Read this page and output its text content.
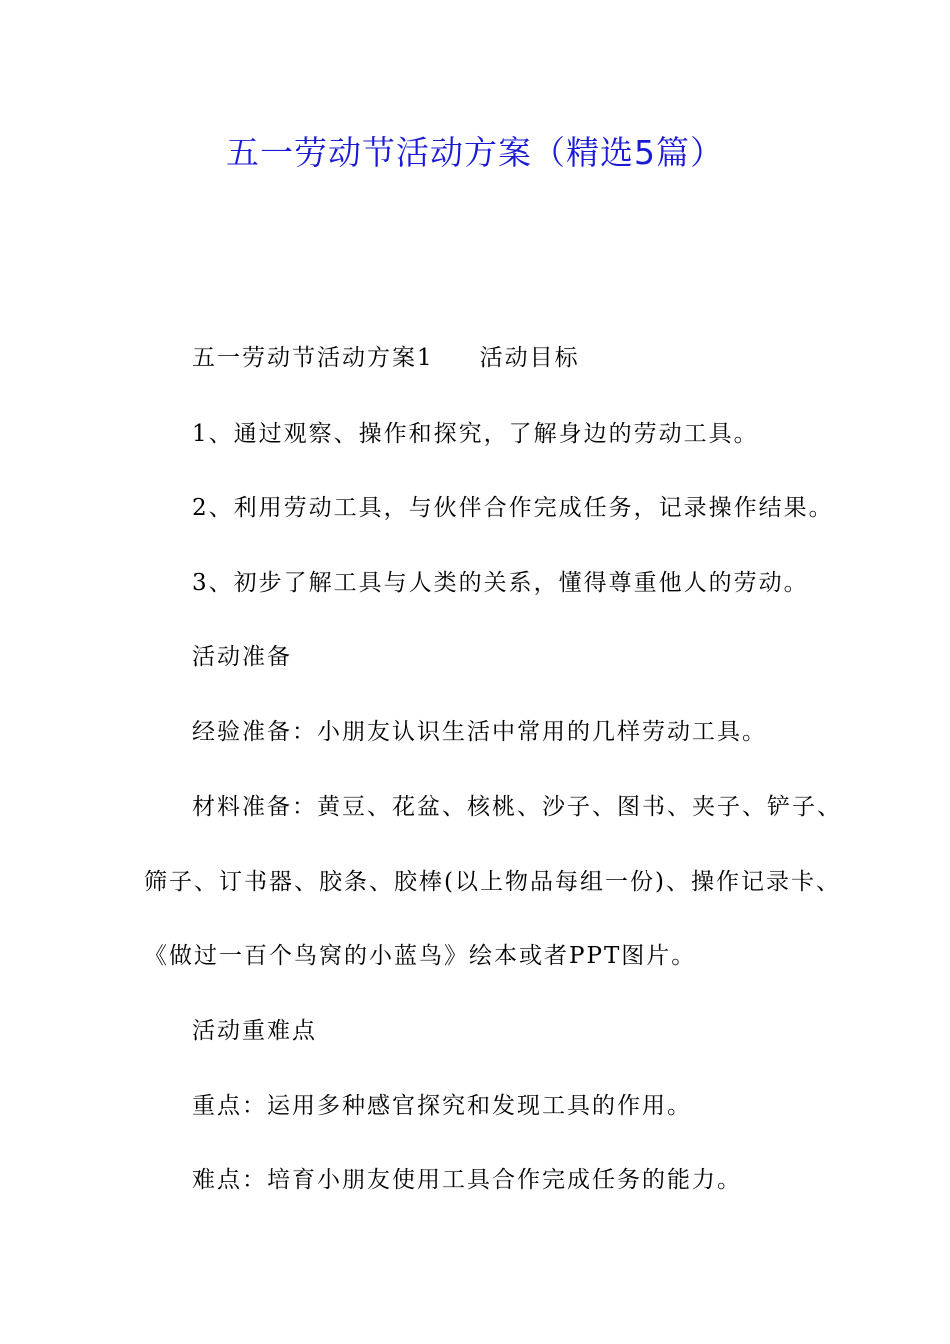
五一劳动节活动方案（精选5篇）

五一劳动节活动方案1 活动目标

1、通过观察、操作和探究，了解身边的劳动工具。

2、利用劳动工具，与伙伴合作完成任务，记录操作结果。

3、初步了解工具与人类的关系，懂得尊重他人的劳动。

活动准备

经验准备：小朋友认识生活中常用的几样劳动工具。

材料准备：黄豆、花盆、核桃、沙子、图书、夹子、铲子、

筛子、订书器、胶条、胶棒(以上物品每组一份)、操作记录卡、

《做过一百个鸟窝的小蓝鸟》绘本或者PPT图片。

活动重难点

重点：运用多种感官探究和发现工具的作用。

难点：培育小朋友使用工具合作完成任务的能力。
